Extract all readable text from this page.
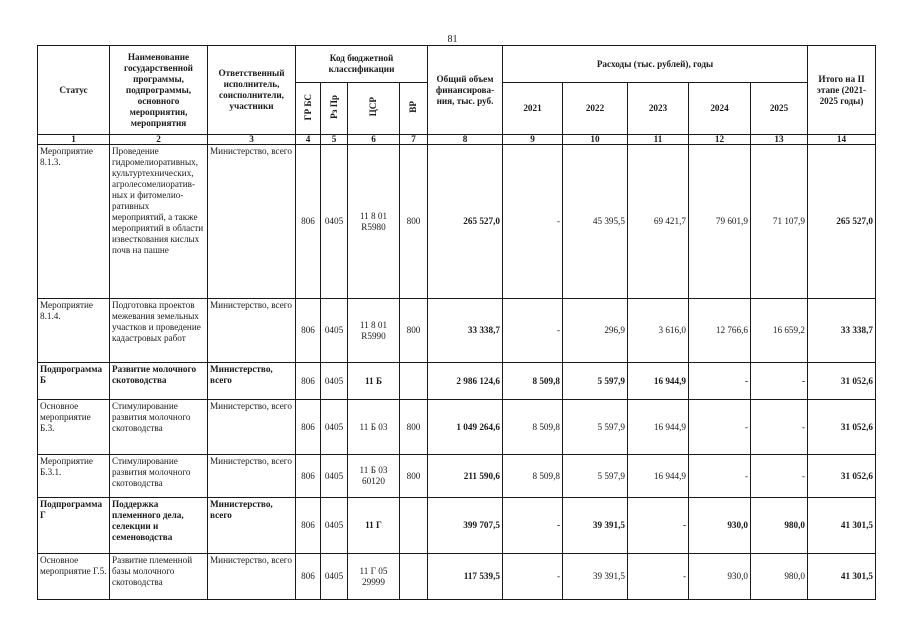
81
Статус	Наименование государственной программы, подпрограммы, основного мероприятия, мероприятия	Ответственный исполнитель, соисполнители, участники	Код бюджетной классификации				Общий объем финансирова-ния, тыс. руб.	Расходы (тыс. рублей), годы					Итого на II этапе (2021-2025 годы)
			ГР БС	Рз Пр	ЦСР	ВР		2021	2022	2023	2024	2025	
1	2	3	4	5	6	7	8	9	10	11	12	13	14
Мероприятие 8.1.3.	Проведение гидромелиоративных, культуртехнических, агролесомелиоратив-ных и фитомелио-ративных мероприятий, а также мероприятий в области известкования кислых почв на пашне	Министерство, всего	806	0405	11 8 01 R5980	800	265 527,0	-	45 395,5	69 421,7	79 601,9	71 107,9	265 527,0
Мероприятие 8.1.4.	Подготовка проектов межевания земельных участков и проведение кадастровых работ	Министерство, всего	806	0405	11 8 01 R5990	800	33 338,7	-	296,9	3 616,0	12 766,6	16 659,2	33 338,7
Подпрограмма Б	Развитие молочного скотоводства	Министерство, всего	806	0405	11 Б		2 986 124,6	8 509,8	5 597,9	16 944,9	-	-	31 052,6
Основное мероприятие Б.3.	Стимулирование развития молочного скотоводства	Министерство, всего	806	0405	11 Б 03	800	1 049 264,6	8 509,8	5 597,9	16 944,9	-	-	31 052,6
Мероприятие Б.3.1.	Стимулирование развития молочного скотоводства	Министерство, всего	806	0405	11 Б 03 60120	800	211 590,6	8 509,8	5 597,9	16 944,9	-	-	31 052,6
Подпрограмма Г	Поддержка племенного дела, селекции и семеноводства	Министерство, всего	806	0405	11 Г		399 707,5	-	39 391,5	-	930,0	980,0	41 301,5
Основное мероприятие Г.5.	Развитие племенной базы молочного скотоводства	Министерство, всего	806	0405	11 Г 05 29999		117 539,5	-	39 391,5	-	930,0	980,0	41 301,5
